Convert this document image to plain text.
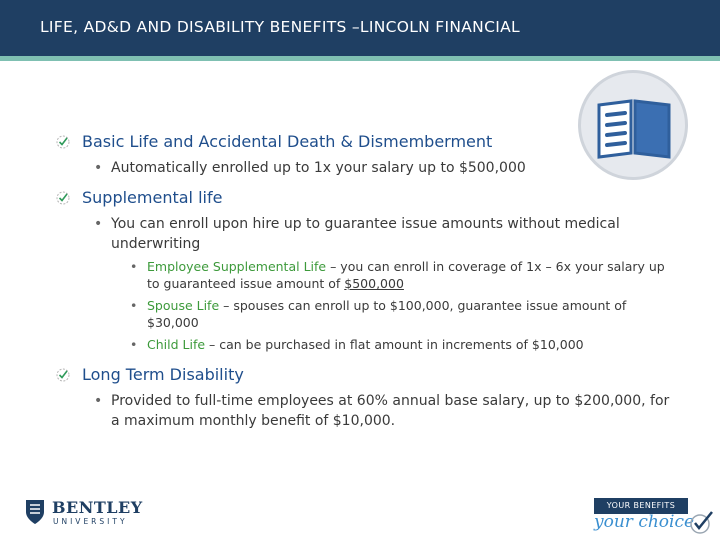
LIFE, AD&D AND DISABILITY BENEFITS –LINCOLN FINANCIAL
Basic Life and Accidental Death & Dismemberment
• Automatically enrolled up to 1x your salary up to $500,000
Supplemental life
• You can enroll upon hire up to guarantee issue amounts without medical underwriting
• Employee Supplemental Life – you can enroll in coverage of 1x – 6x your salary up to guaranteed issue amount of $500,000
• Spouse Life – spouses can enroll up to $100,000, guarantee issue amount of $30,000
• Child Life – can be purchased in flat amount in increments of $10,000
Long Term Disability
• Provided to full-time employees at 60% annual base salary, up to $200,000, for a maximum monthly benefit of $10,000.
BENTLEY
UNIVERSITY
YOUR BENEFITS
your choice
